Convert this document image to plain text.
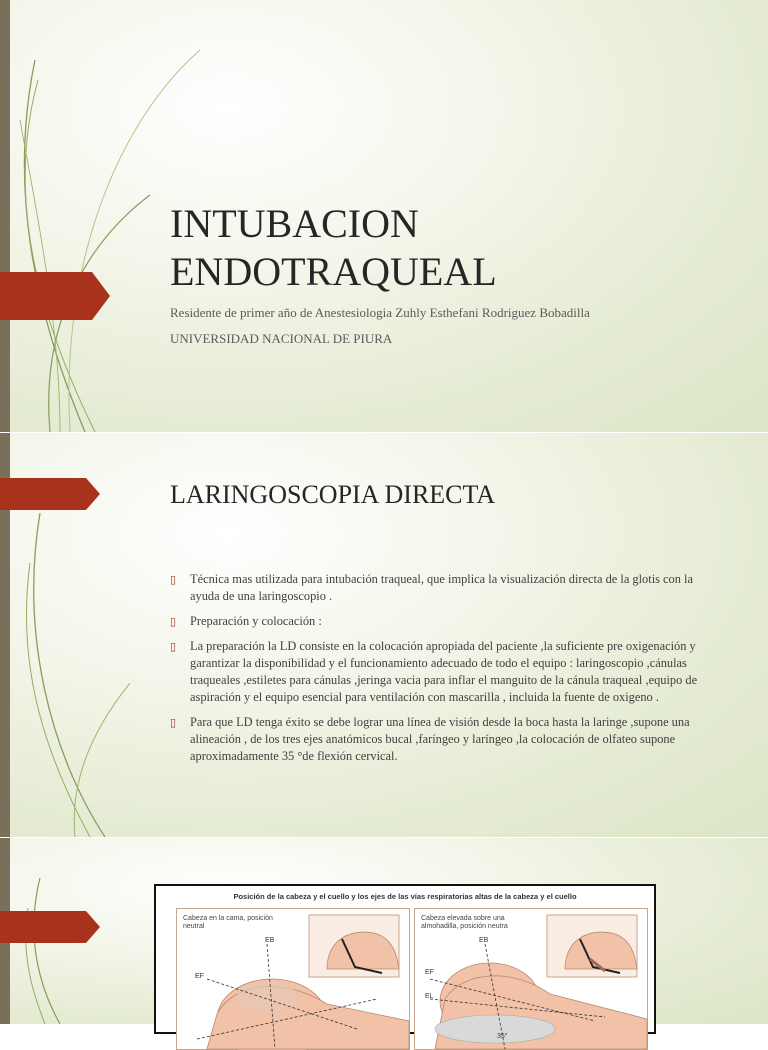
INTUBACION
ENDOTRAQUEAL
Residente de primer año de Anestesiologia Zuhly Esthefani Rodriguez Bobadilla
UNIVERSIDAD NACIONAL DE PIURA
LARINGOSCOPIA DIRECTA
▯ Técnica mas utilizada para intubación traqueal, que implica la visualización directa de la glotis con la ayuda de una laringoscopio .
▯ Preparación y colocación :
▯ La preparación la LD consiste en la colocación apropiada del paciente ,la suficiente pre oxigenación y garantizar la disponibilidad y el funcionamiento adecuado de todo el equipo : laringoscopio ,cánulas traqueales ,estiletes para cánulas ,jeringa vacia para inflar el manguito de la cánula traqueal ,equipo de aspiración y el equipo esencial para ventilación con mascarilla , incluida la fuente de oxigeno .
▯ Para que LD tenga éxito se debe lograr una línea de visión desde la boca hasta la laringe ,supone una alineación , de los tres ejes anatómicos bucal ,faríngeo y laríngeo ,la colocación de olfateo supone aproximadamente 35 °de flexión cervical.
Posición de la cabeza y el cuello y los ejes de las vías respiratorias altas de la cabeza y el cuello
Cabeza en la cama, posición neutral
EB
EF
Cabeza elevada sobre una almohadilla, posición neutra
EB
EF
EL
35°
